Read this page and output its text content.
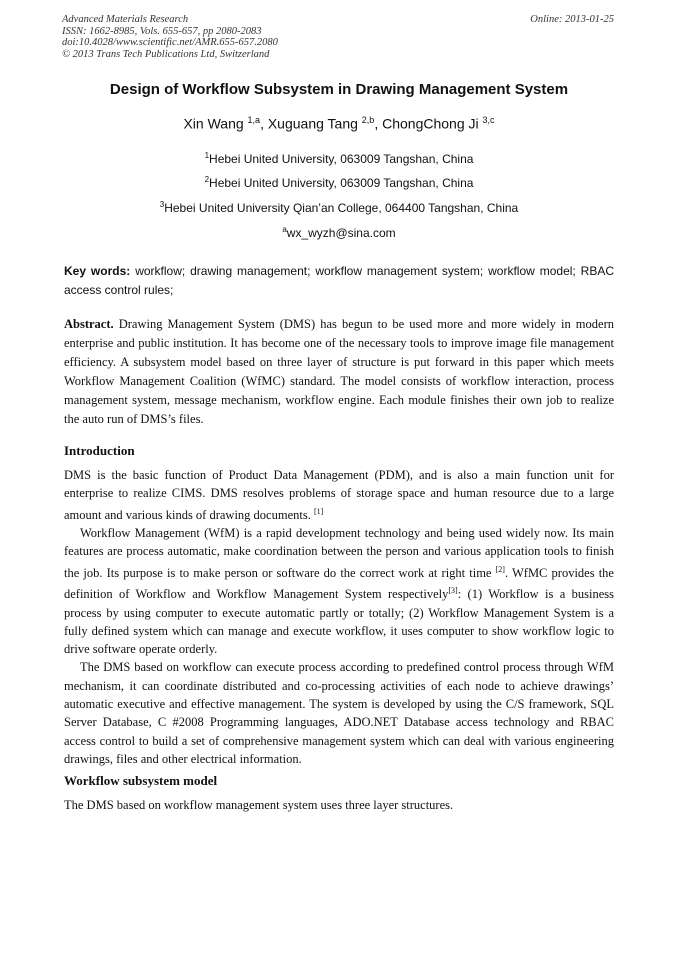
Advanced Materials Research
ISSN: 1662-8985, Vols. 655-657, pp 2080-2083
doi:10.4028/www.scientific.net/AMR.655-657.2080
© 2013 Trans Tech Publications Ltd, Switzerland
Online: 2013-01-25
Design of Workflow Subsystem in Drawing Management System
Xin Wang $^{1,a}$, Xuguang Tang $^{2,b}$, ChongChong Ji $^{3,c}$
$^1$Hebei United University, 063009 Tangshan, China
$^2$Hebei United University, 063009 Tangshan, China
$^3$Hebei United University Qian’an College, 064400 Tangshan, China
$^a$wx_wyzh@sina.com
Key words: workflow; drawing management; workflow management system; workflow model; RBAC access control rules;
Abstract. Drawing Management System (DMS) has begun to be used more and more widely in modern enterprise and public institution. It has become one of the necessary tools to improve image file management efficiency. A subsystem model based on three layer of structure is put forward in this paper which meets Workflow Management Coalition (WfMC) standard. The model consists of workflow interaction, process management system, message mechanism, workflow engine. Each module finishes their own job to realize the auto run of DMS’s files.
Introduction

DMS is the basic function of Product Data Management (PDM), and is also a main function unit for enterprise to realize CIMS. DMS resolves problems of storage space and human resource due to a large amount and various kinds of drawing documents. [1]

Workflow Management (WfM) is a rapid development technology and being used widely now. Its main features are process automatic, make coordination between the person and various application tools to finish the job. Its purpose is to make person or software do the correct work at right time [2]. WfMC provides the definition of Workflow and Workflow Management System respectively[3]: (1) Workflow is a business process by using computer to execute automatic partly or totally; (2) Workflow Management System is a fully defined system which can manage and execute workflow, it uses computer to show workflow logic to drive software operate orderly.

The DMS based on workflow can execute process according to predefined control process through WfM mechanism, it can coordinate distributed and co-processing activities of each node to achieve drawings’ automatic executive and effective management. The system is developed by using the C/S framework, SQL Server Database, C #2008 Programming languages, ADO.NET Database access technology and RBAC access control to build a set of comprehensive management system which can deal with various engineering drawings, files and other electrical information.

Workflow subsystem model

The DMS based on workflow management system uses three layer structures.
